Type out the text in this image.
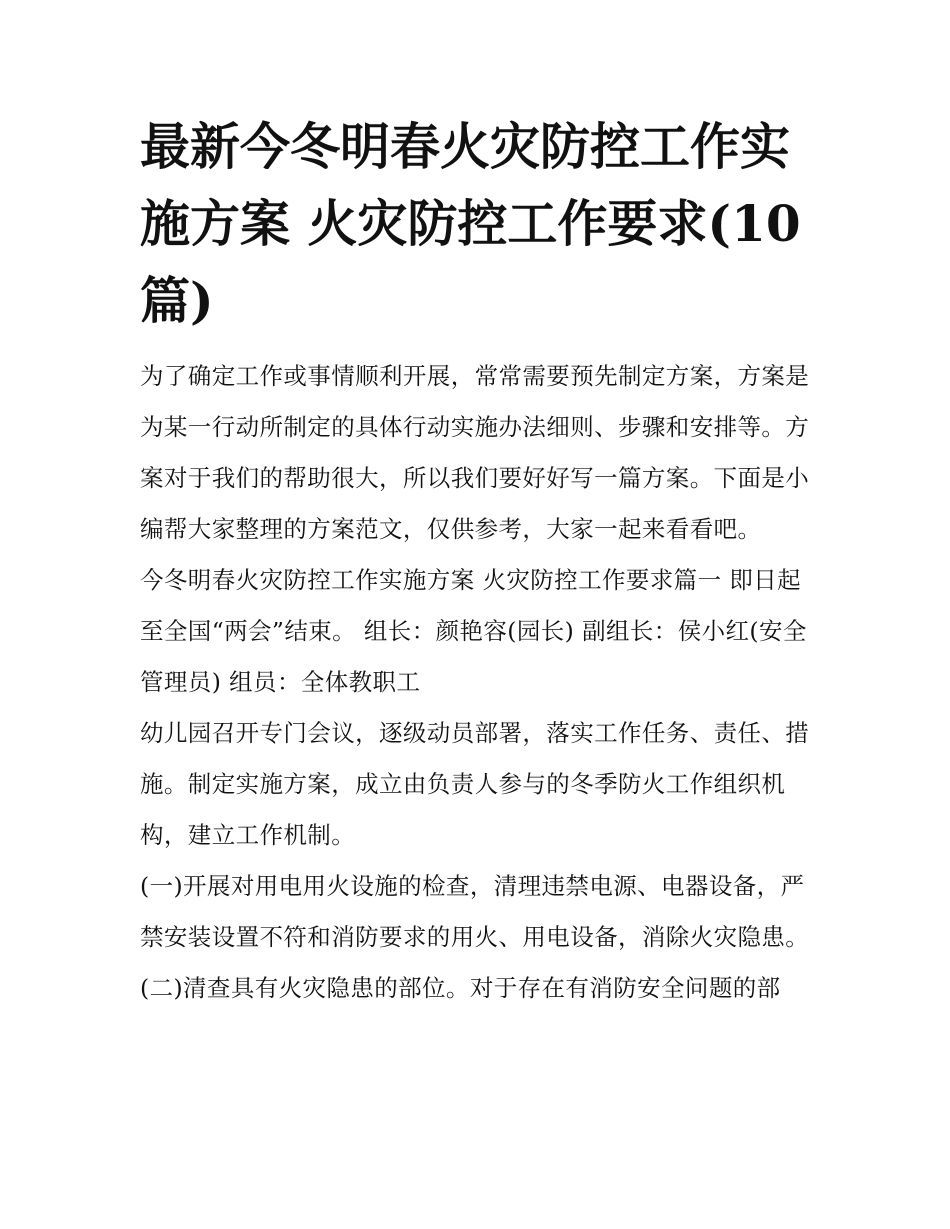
最新今冬明春火灾防控工作实施方案 火灾防控工作要求(10篇)

为了确定工作或事情顺利开展，常常需要预先制定方案，方案是为某一行动所制定的具体行动实施办法细则、步骤和安排等。方案对于我们的帮助很大，所以我们要好好写一篇方案。下面是小编帮大家整理的方案范文，仅供参考，大家一起来看看吧。

今冬明春火灾防控工作实施方案 火灾防控工作要求篇一 即日起至全国“两会”结束。 组长：颜艳容(园长) 副组长：侯小红(安全管理员) 组员：全体教职工

幼儿园召开专门会议，逐级动员部署，落实工作任务、责任、措施。制定实施方案，成立由负责人参与的冬季防火工作组织机构，建立工作机制。

(一)开展对用电用火设施的检查，清理违禁电源、电器设备，严禁安装设置不符和消防要求的用火、用电设备，消除火灾隐患。

(二)清查具有火灾隐患的部位。对于存在有消防安全问题的部
